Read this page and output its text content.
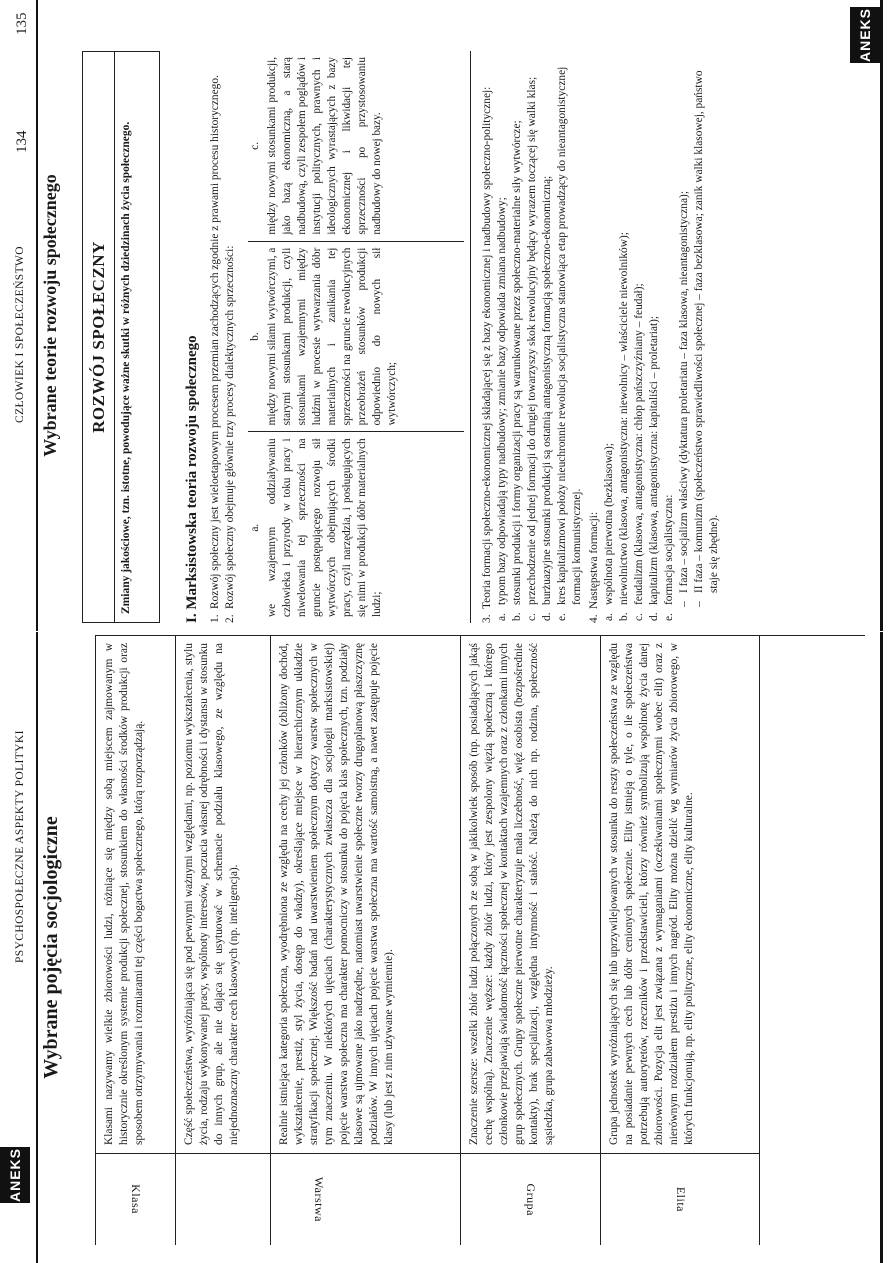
ANEKS
PSYCHOSPOŁECZNE ASPEKTY POLITYKI
134
Wybrane pojęcia socjologiczne
Klasa
Klasami nazywamy wielkie zbiorowości ludzi, różniące się między sobą miejscem zajmowanym w historycznie określonym systemie produkcji społecznej, stosunkiem do własności środków produkcji oraz sposobem otrzymywania i rozmiarami tej części bogactwa społecznego, którą rozporządzają.	Część społeczeństwa, wyróżniająca się pod pewnymi ważnymi względami, np. poziomu wykształcenia, stylu życia, rodzaju wykonywanej pracy, wspólnoty interesów, poczucia własnej odrębności i dystansu w stosunku do innych grup, ale nie dająca się usytuować w schemacie podziału klasowego, ze względu na niejednoznaczny charakter cech klasowych (np. inteligencja).
Warstwa
Realnie istniejąca kategoria społeczna, wyodrębniona ze względu na cechy jej członków (zbliżony dochód, wykształcenie, prestiż, styl życia, dostęp do władzy), określające miejsce w hierarchicznym układzie stratyfikacji społecznej. Większość badań nad uwarstwieniem społecznym dotyczy warstw społecznych w tym znaczeniu. W niektórych ujęciach (charakterystycznych zwłaszcza dla socjologii marksistowskiej) pojęcie warstwa społeczna ma charakter pomocniczy w stosunku do pojęcia klas społecznych, tzn. podziały klasowe są ujmowane jako nadrzędne, natomiast uwarstwienie społeczne tworzy drugoplanową płaszczyznę podziałów. W innych ujęciach pojęcie warstwa społeczna ma wartość samoistną, a nawet zastępuje pojęcie klasy (lub jest z nim używane wymiennie).
Grupa
Znaczenie szersze: wszelki zbiór ludzi połączonych ze sobą w jakikolwiek sposób (np. posiadających jakąś cechę wspólną). Znaczenie węższe: każdy zbiór ludzi, który jest zespolony więzią społeczną i którego członkowie przejawiają świadomość łączności społecznej w kontaktach wzajemnych oraz z członkami innych grup społecznych. Grupy społeczne pierwotne charakteryzuje mała liczebność, więź osobista (bezpośrednie kontakty), brak specjalizacji, względna intymność i stałość. Należą do nich np. rodzina, społeczność sąsiedzka, grupa zabawowa młodzieży.
Elita
Grupa jednostek wyróżniających się lub uprzywilejowanych w stosunku do reszty społeczeństwa ze względu na posiadanie pewnych cech lub dóbr cenionych społecznie. Elity istnieją o tyle, o ile społeczeństwa potrzebują autorytetów, rzeczników i przedstawicieli, którzy również symbolizują wspólnotę życia danej zbiorowości. Pozycja elit jest związana z wymaganiami (oczekiwaniami społecznymi wobec elit) oraz z nierównym rozdziałem prestiżu i innych nagród. Elity można dzielić wg wymiarów życia zbiorowego, w których funkcjonują, np. elity polityczne, elity ekonomiczne, elity kulturalne.
ANEKS
CZŁOWIEK I SPOŁECZEŃSTWO
135
Wybrane teorie rozwoju społecznego	ROZWÓJ SPOŁECZNY	Zmiany jakościowe, tzn. istotne, powodujące ważne skutki w różnych dziedzinach życia społecznego.	I. Marksistowska teoria rozwoju społecznego 1.
Rozwój społeczny jest wieloetapowym procesem przemian zachodzących zgodnie z prawami procesu historycznego.
2.
Rozwój społeczny obejmuje głównie trzy procesy dialektycznych sprzeczności: a. we wzajemnym oddziaływaniu człowieka i przyrody w toku pracy i niwelowania tej sprzeczności na gruncie postępującego rozwoju sił wytwórczych obejmujących środki pracy, czyli narzędzia, i posługujących się nimi w produkcji dóbr materialnych ludzi;
b. między nowymi siłami wytwórczymi, a starymi stosunkami produkcji, czyli stosunkami wzajemnymi między ludźmi w procesie wytwarzania dóbr materialnych i zanikania tej sprzeczności na gruncie rewolucyjnych przeobrażeń stosunków produkcji odpowiednio do nowych sił wytwórczych;
c. między nowymi stosunkami produkcji, jako bazą ekonomiczną, a starą nadbudową, czyli zespołem poglądów i instytucji politycznych, prawnych i ideologicznych wyrastających z bazy ekonomicznej i likwidacji tej sprzeczności po przystosowaniu nadbudowy do nowej bazy.
3.
Teoria formacji społeczno-ekonomicznej składającej się z bazy ekonomicznej i nadbudowy społeczno-politycznej:
a.
typom bazy odpowiadają typy nadbudowy; zmianie bazy odpowiada zmiana nadbudowy;
b.
stosunki produkcji i formy organizacji pracy są warunkowane przez społeczno-materialne siły wytwórcze;
c.
przechodzenie od jednej formacji do drugiej towarzyszy skok rewolucyjny będący wyrazem toczącej się walki klas;
d.
burżuazyjne stosunki produkcji są ostatnią antagonistyczną formacją społeczno-ekonomiczną;
e.
kres kapitalizmowi położy nieuchronnie rewolucja socjalistyczna stanowiąca etap prowadzący do nieantagonistycznej formacji komunistycznej.
4.
Następstwa formacji:
a.
wspólnota pierwotna (bezklasowa);
b.
niewolnictwo (klasowa, antagonistyczna: niewolnicy – właściciele niewolników);
c.
feudalizm (klasowa, antagonistyczna: chłop pańszczyźniany – feudał);
d.
kapitalizm (klasowa, antagonistyczna: kapitaliści – proletariat);
e.
formacja socjalistyczna: –
I faza – socjalizm właściwy (dyktatura proletariatu – faza klasowa, nieantagonistyczna);
–
II faza – komunizm (społeczeństwo sprawiedliwości społecznej – faza bezklasowa; zanik walki klasowej, państwo staje się zbędne).
